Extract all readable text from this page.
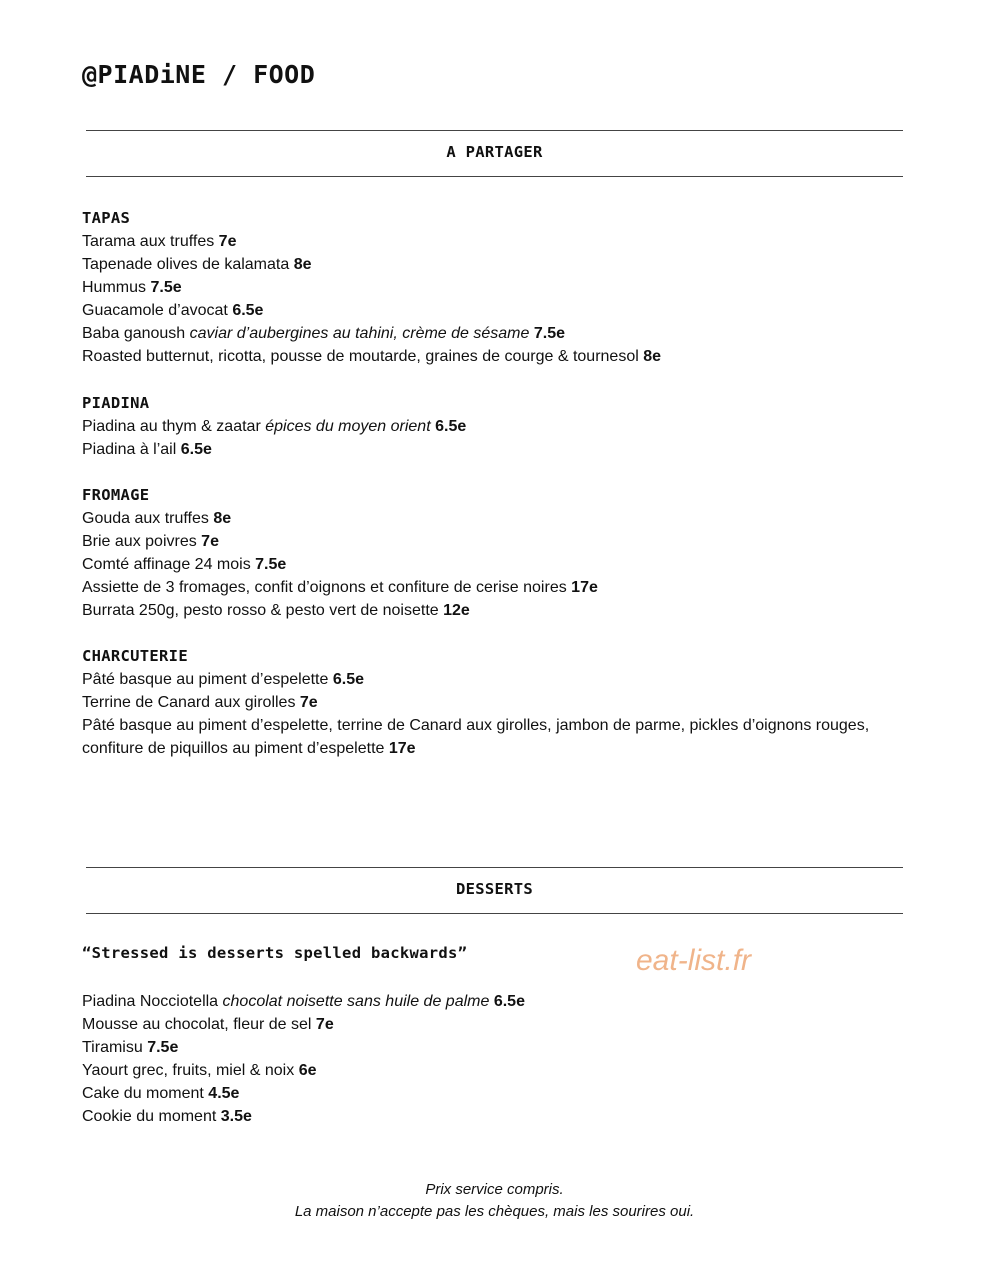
@PIADiNE / FOOD
A PARTAGER
TAPAS
Tarama aux truffes 7e
Tapenade olives de kalamata 8e
Hummus 7.5e
Guacamole d’avocat 6.5e
Baba ganoush caviar d’aubergines au tahini, crème de sésame 7.5e
Roasted butternut, ricotta, pousse de moutarde, graines de courge & tournesol 8e
PIADINA
Piadina au thym & zaatar épices du moyen orient 6.5e
Piadina à l’ail 6.5e
FROMAGE
Gouda aux truffes 8e
Brie aux poivres 7e
Comté affinage 24 mois 7.5e
Assiette de 3 fromages, confit d’oignons et confiture de cerise noires 17e
Burrata 250g, pesto rosso & pesto vert de noisette 12e
CHARCUTERIE
Pâté basque au piment d’espelette 6.5e
Terrine de Canard aux girolles 7e
Pâté basque au piment d’espelette, terrine de Canard aux girolles, jambon de parme, pickles d’oignons rouges, confiture de piquillos au piment d’espelette 17e
DESSERTS
“Stressed is desserts spelled backwards”	eat-list.fr
Piadina Nocciotella chocolat noisette sans huile de palme 6.5e
Mousse au chocolat, fleur de sel 7e
Tiramisu 7.5e
Yaourt grec, fruits, miel & noix 6e
Cake du moment 4.5e
Cookie du moment 3.5e
Prix service compris.
La maison n’accepte pas les chèques, mais les sourires oui.
